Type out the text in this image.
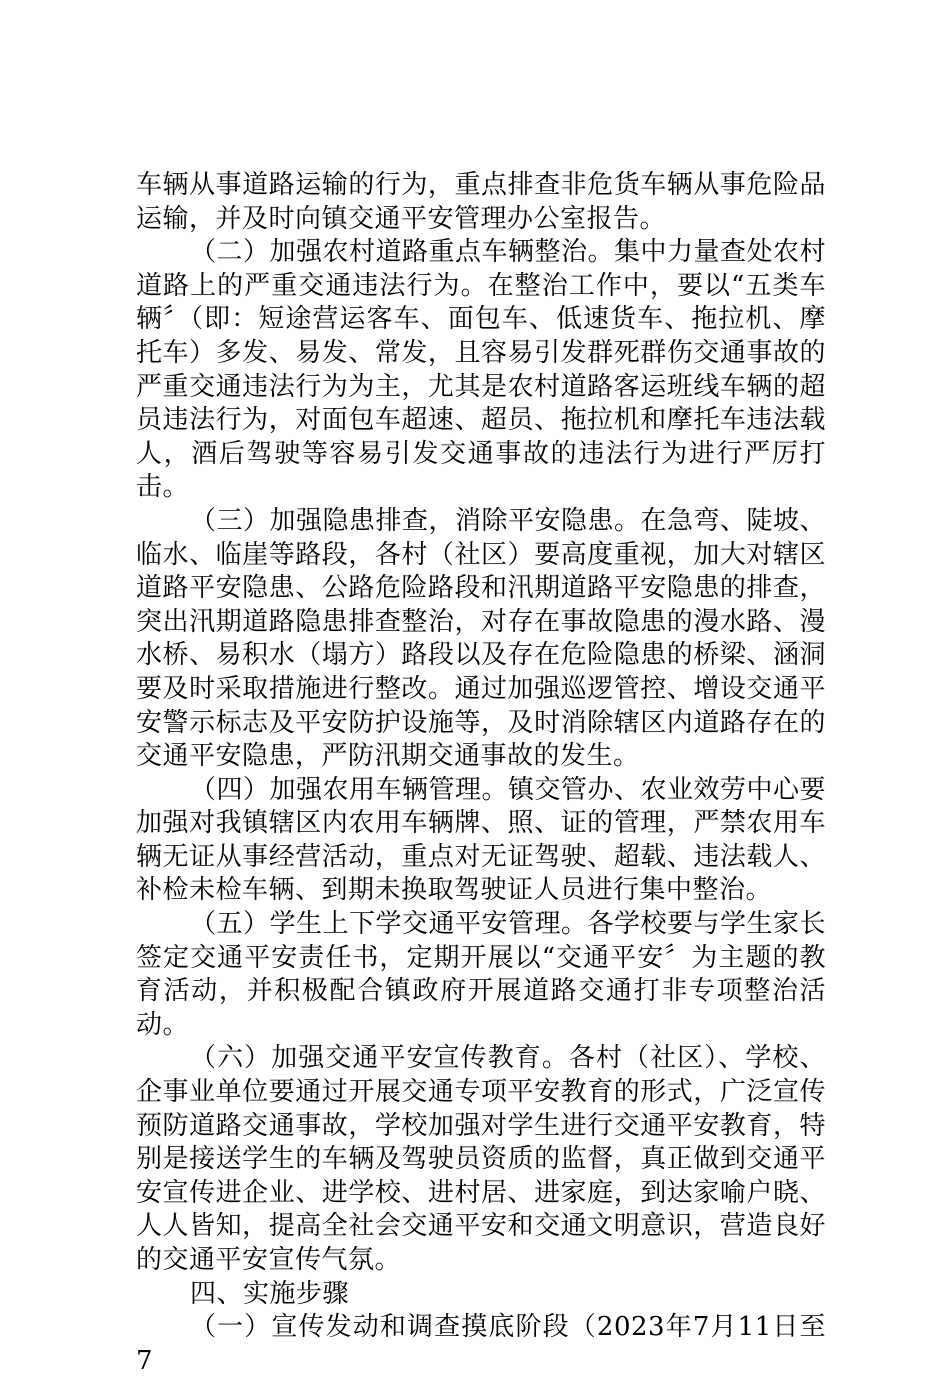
车辆从事道路运输的行为，重点排查非危货车辆从事危险品运输，并及时向镇交通平安管理办公室报告。

（二）加强农村道路重点车辆整治。集中力量查处农村道路上的严重交通违法行为。在整治工作中，要以“五类车辆〞（即：短途营运客车、面包车、低速货车、拖拉机、摩托车）多发、易发、常发，且容易引发群死群伤交通事故的严重交通违法行为为主，尤其是农村道路客运班线车辆的超员违法行为，对面包车超速、超员、拖拉机和摩托车违法载人，酒后驾驶等容易引发交通事故的违法行为进行严厉打击。

（三）加强隐患排查，消除平安隐患。在急弯、陡坡、临水、临崖等路段，各村（社区）要高度重视，加大对辖区道路平安隐患、公路危险路段和汛期道路平安隐患的排查，突出汛期道路隐患排查整治，对存在事故隐患的漫水路、漫水桥、易积水（塌方）路段以及存在危险隐患的桥梁、涵洞要及时采取措施进行整改。通过加强巡逻管控、增设交通平安警示标志及平安防护设施等，及时消除辖区内道路存在的交通平安隐患，严防汛期交通事故的发生。

（四）加强农用车辆管理。镇交管办、农业效劳中心要加强对我镇辖区内农用车辆牌、照、证的管理，严禁农用车辆无证从事经营活动，重点对无证驾驶、超载、违法载人、补检未检车辆、到期未换取驾驶证人员进行集中整治。

（五）学生上下学交通平安管理。各学校要与学生家长签定交通平安责任书，定期开展以“交通平安〞为主题的教育活动，并积极配合镇政府开展道路交通打非专项整治活动。

（六）加强交通平安宣传教育。各村（社区）、学校、企事业单位要通过开展交通专项平安教育的形式，广泛宣传预防道路交通事故，学校加强对学生进行交通平安教育，特别是接送学生的车辆及驾驶员资质的监督，真正做到交通平安宣传进企业、进学校、进村居、进家庭，到达家喻户晓、人人皆知，提高全社会交通平安和交通文明意识，营造良好的交通平安宣传气氛。

四、实施步骤

（一）宣传发动和调查摸底阶段（2023年7月11日至7
